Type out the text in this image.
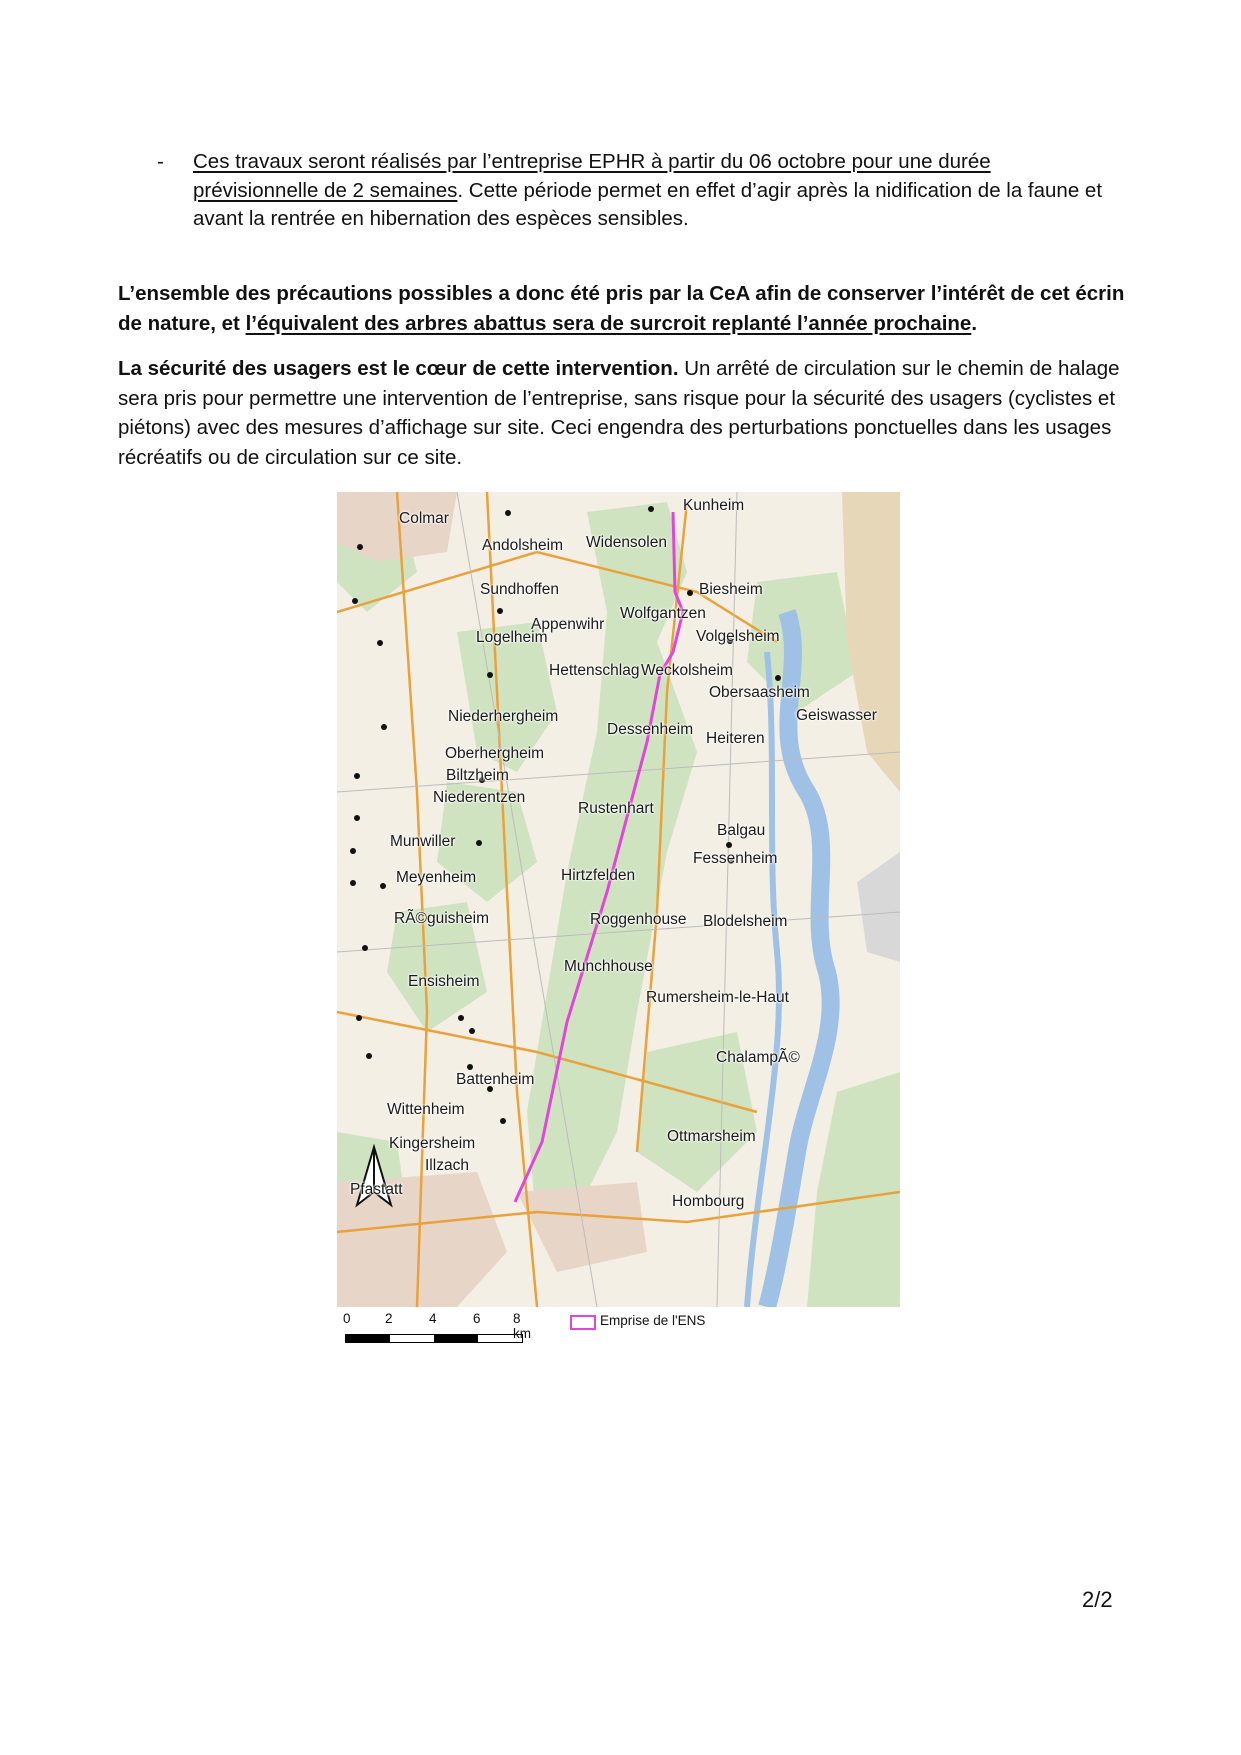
- Ces travaux seront réalisés par l’entreprise EPHR à partir du 06 octobre pour une durée prévisionnelle de 2 semaines. Cette période permet en effet d’agir après la nidification de la faune et avant la rentrée en hibernation des espèces sensibles.
L’ensemble des précautions possibles a donc été pris par la CeA afin de conserver l’intérêt de cet écrin de nature, et l’équivalent des arbres abattus sera de surcroit replanté l’année prochaine.
La sécurité des usagers est le cœur de cette intervention. Un arrêté de circulation sur le chemin de halage sera pris pour permettre une intervention de l’entreprise, sans risque pour la sécurité des usagers (cyclistes et piétons) avec des mesures d’affichage sur site. Ceci engendra des perturbations ponctuelles dans les usages récréatifs ou de circulation sur ce site.
Colmar
Kunheim
Andolsheim Widensolen
Sundhoffen	Biesheim
Wolfgantzen
Appenwihr
Volgelsheim
Logelheim
Hettenschlag Weckolsheim
Obersaasheim
Geiswasser
Niederhergheim
Dessenheim
Heiteren
Oberhergheim
Biltzheim
Niederentzen
Rustenhart
Balgau
Munwiller
Fessenheim
Meyenheim	Hirtzfelden
RÃ©guisheim	Roggenhouse Blodelsheim
Munchhouse
Ensisheim
Rumersheim-le-Haut
ChalampÃ©
Battenheim
Wittenheim
Ottmarsheim
Kingersheim
Illzach
Pfastatt
Hombourg
0	2	4	6 8 km
Emprise de l'ENS
2/2
